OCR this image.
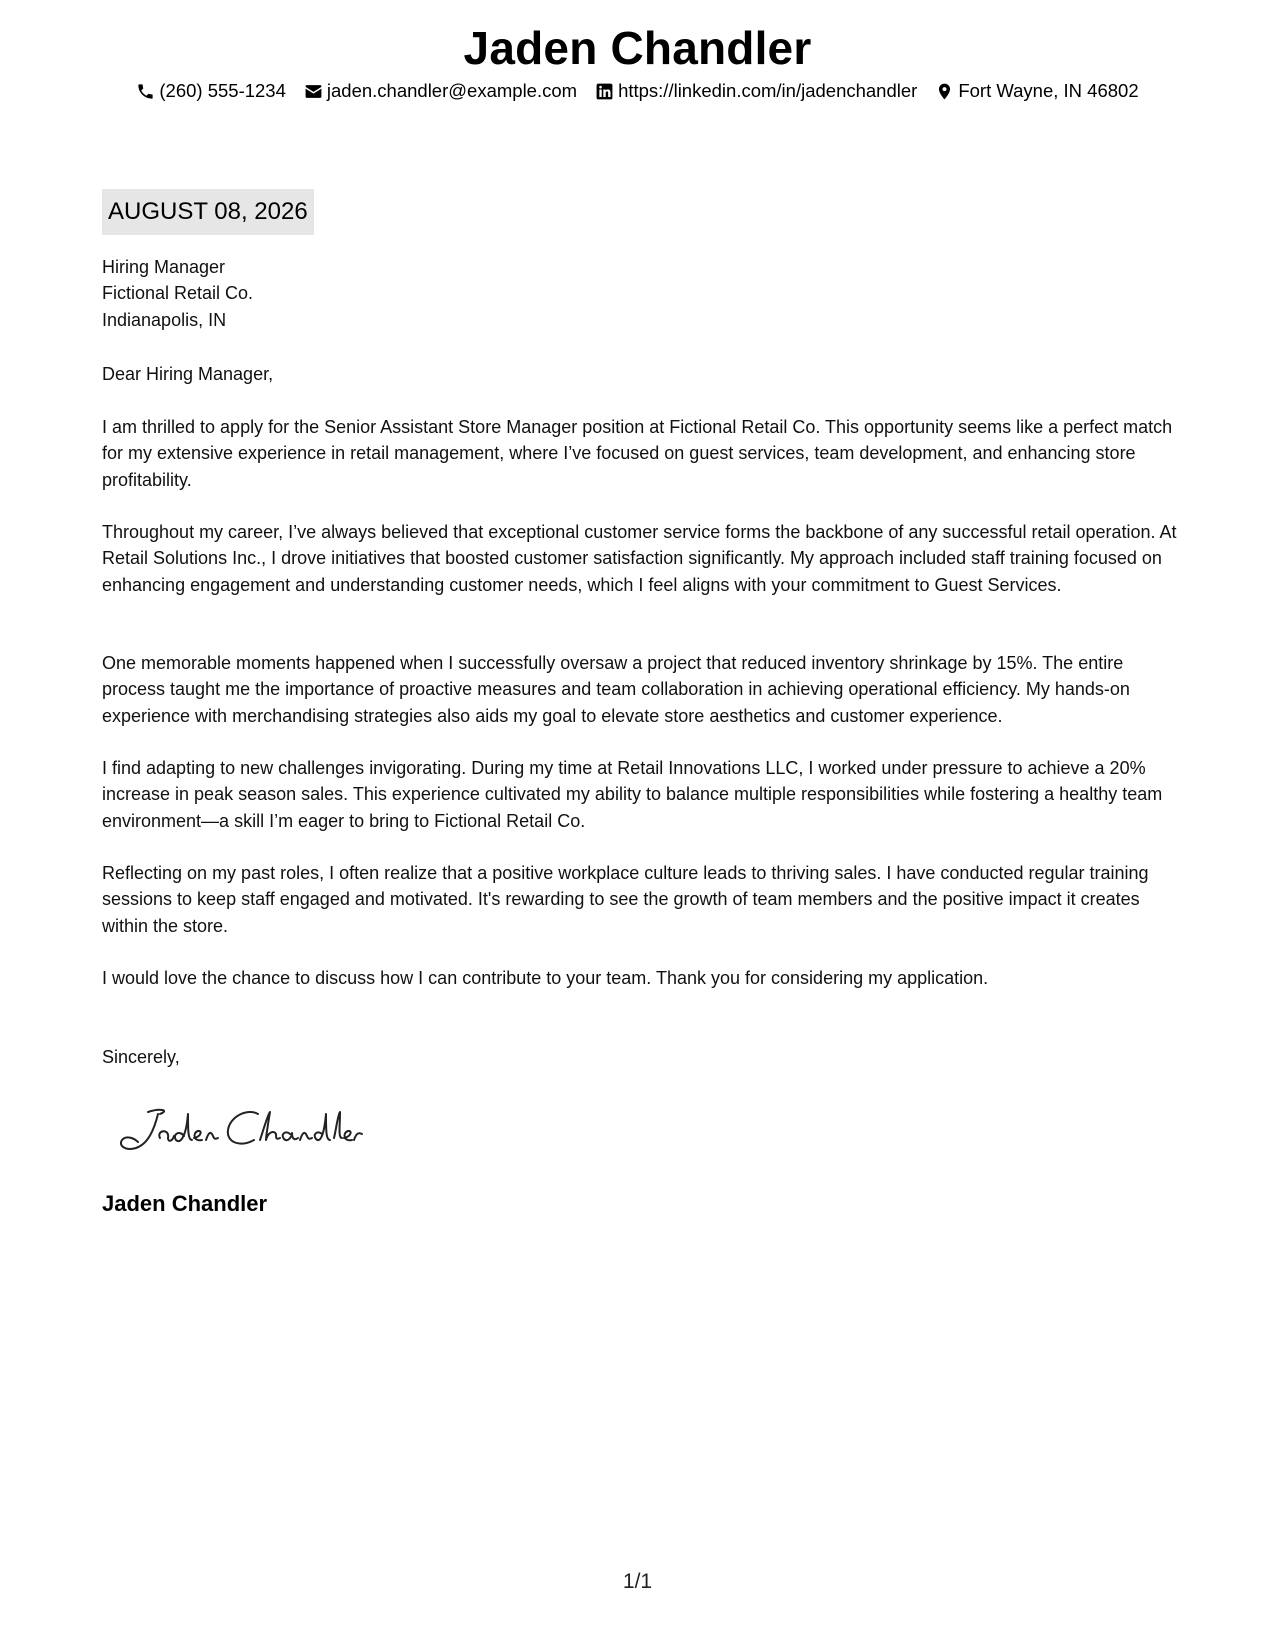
Jaden Chandler
(260) 555-1234 jaden.chandler@example.com https://linkedin.com/in/jadenchandler Fort Wayne, IN 46802
AUGUST 08, 2026
Hiring Manager
Fictional Retail Co.
Indianapolis, IN
Dear Hiring Manager,
I am thrilled to apply for the Senior Assistant Store Manager position at Fictional Retail Co. This opportunity seems like a perfect match for my extensive experience in retail management, where I’ve focused on guest services, team development, and enhancing store profitability.
Throughout my career, I’ve always believed that exceptional customer service forms the backbone of any successful retail operation. At Retail Solutions Inc., I drove initiatives that boosted customer satisfaction significantly. My approach included staff training focused on enhancing engagement and understanding customer needs, which I feel aligns with your commitment to Guest Services.
One memorable moments happened when I successfully oversaw a project that reduced inventory shrinkage by 15%. The entire process taught me the importance of proactive measures and team collaboration in achieving operational efficiency. My hands-on experience with merchandising strategies also aids my goal to elevate store aesthetics and customer experience.
I find adapting to new challenges invigorating. During my time at Retail Innovations LLC, I worked under pressure to achieve a 20% increase in peak season sales. This experience cultivated my ability to balance multiple responsibilities while fostering a healthy team environment—a skill I’m eager to bring to Fictional Retail Co.
Reflecting on my past roles, I often realize that a positive workplace culture leads to thriving sales. I have conducted regular training sessions to keep staff engaged and motivated. It's rewarding to see the growth of team members and the positive impact it creates within the store.
I would love the chance to discuss how I can contribute to your team. Thank you for considering my application.
Sincerely,
Jaden Chandler
1/1
